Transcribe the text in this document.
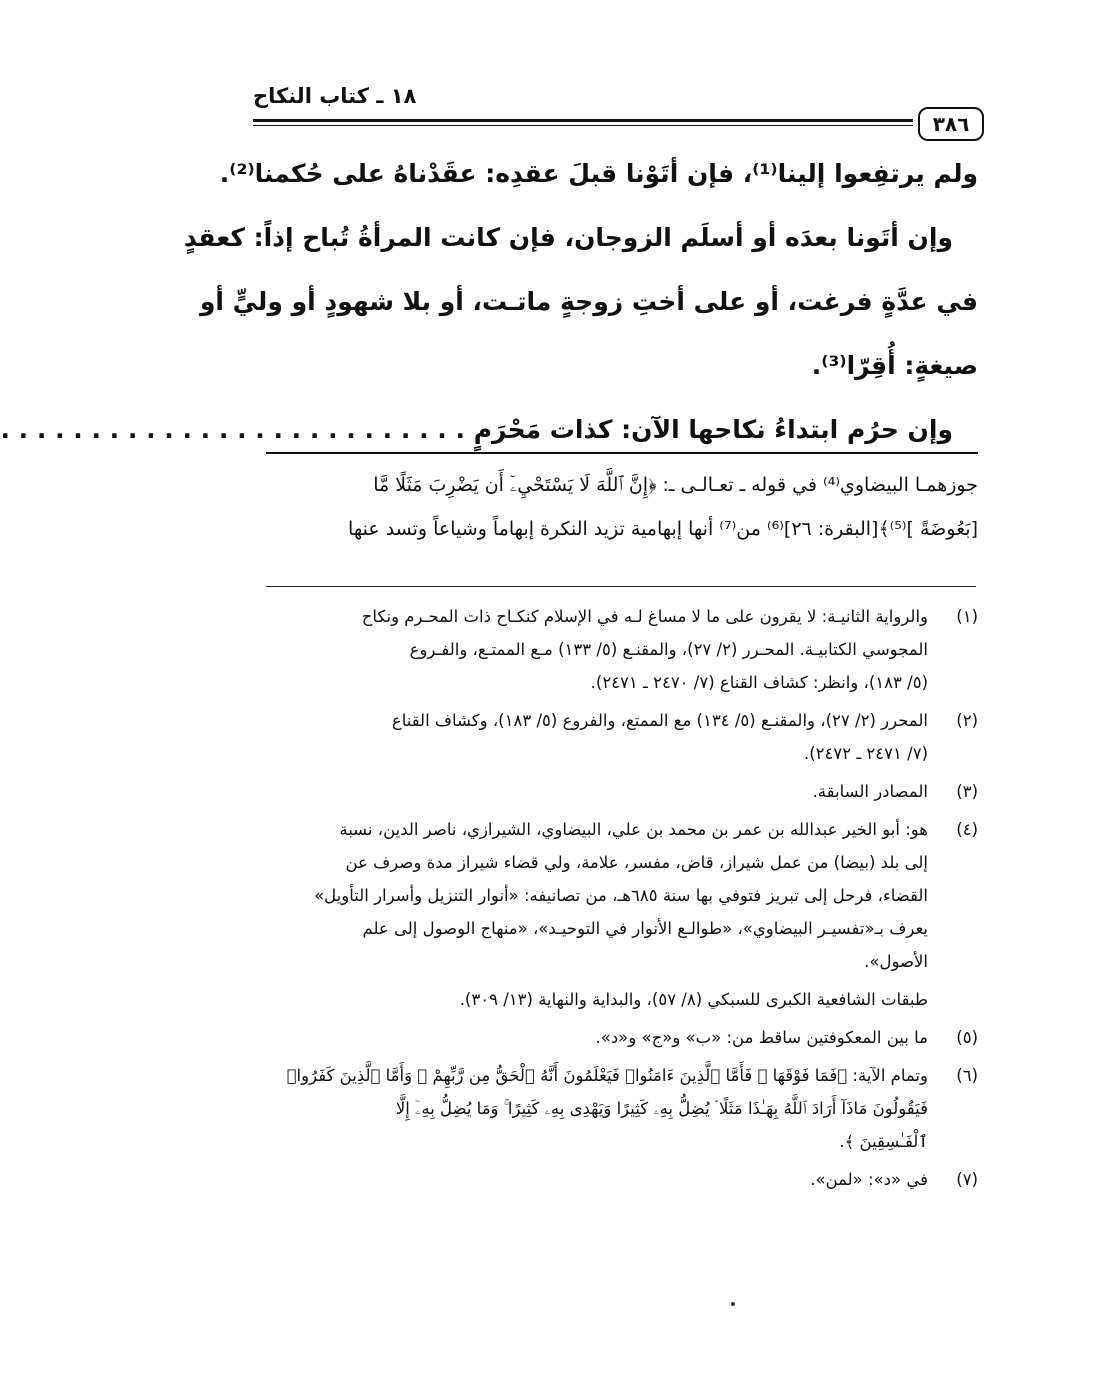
١٨ ـ كتاب النكاح
٣٨٦
ولم يرتفِعوا إلينا⁽¹⁾، فإن أتَوْنا قبلَ عقدِه: عقَدْناهُ على حُكمنا⁽²⁾.
وإن أتَونا بعدَه أو أسلَم الزوجان، فإن كانت المرأةُ تُباح إذاً: كعقدٍ
في عدَّةٍ فرغت، أو على أختِ زوجةٍ ماتـت، أو بلا شهودٍ أو وليٍّ أو
صيغةٍ: أُقِرّا⁽³⁾.
وإن حرُم ابتداءُ نكاحها الآن: كذات مَحْرَمٍ . . . . . . . . . . . . . . . . . . . . . . . . . .

جوزهمـا البيضاوي⁽⁴⁾ في قوله ـ تعـالـى ـ: ﴿إِنَّ ٱللَّهَ لَا يَسْتَحْيِۦٓ أَن يَضْرِبَ مَثَلًا مَّا

[بَعُوضَةً ]⁽⁵⁾﴾[البقرة: ٢٦]⁽⁶⁾ من⁽⁷⁾ أنها إبهامية تزيد النكرة إبهاماً وشياعاً وتسد عنها

(١)
والرواية الثانيـة: لا يقرون على ما لا مساغ لـه في الإسلام كنكـاح ذات المحـرم ونكاح
المجوسي الكتابيـة. المحـرر (٢/ ٢٧)، والمقنـع (٥/ ١٣٣) مـع الممتـع، والفـروع
(٥/ ١٨٣)، وانظر: كشاف القناع (٧/ ٢٤٧٠ ـ ٢٤٧١).
(٢)
المحرر (٢/ ٢٧)، والمقنـع (٥/ ١٣٤) مع الممتع، والفروع (٥/ ١٨٣)، وكشاف القناع
(٧/ ٢٤٧١ ـ ٢٤٧٢).
(٣)
المصادر السابقة.
(٤)
هو: أبو الخير عبدالله بن عمر بن محمد بن علي، البيضاوي، الشيرازي، ناصر الدين، نسبة
إلى بلد (بيضا) من عمل شيراز، قاض، مفسر، علامة، ولي قضاء شيراز مدة وصرف عن
القضاء، فرحل إلى تبريز فتوفي بها سنة ٦٨٥هـ، من تصانيفه: «أنوار التنزيل وأسرار التأويل»
يعرف بـ«تفسيـر البيضاوي»، «طوالـع الأنوار في التوحيـد»، «منهاج الوصول إلى علم
الأصول».
طبقات الشافعية الكبرى للسبكي (٨/ ٥٧)، والبداية والنهاية (١٣/ ٣٠٩).
(٥)
ما بين المعكوفتين ساقط من: «ب» و«ج» و«د».
(٦)
وتمام الآية: ﴿فَمَا فَوْقَهَا ۚ فَأَمَّا ٱلَّذِينَ ءَامَنُوا۟ فَيَعْلَمُونَ أَنَّهُ ٱلْحَقُّ مِن رَّبِّهِمْ ۖ وَأَمَّا ٱلَّذِينَ كَفَرُوا۟
فَيَقُولُونَ مَاذَآ أَرَادَ ٱللَّهُ بِهَـٰذَا مَثَلًا ۘ يُضِلُّ بِهِۦ كَثِيرًا وَيَهْدِى بِهِۦ كَثِيرًا ۚ وَمَا يُضِلُّ بِهِۦٓ إِلَّا
ٱلْفَـٰسِقِينَ ﴾.
(٧)
في «د»: «لمن».
